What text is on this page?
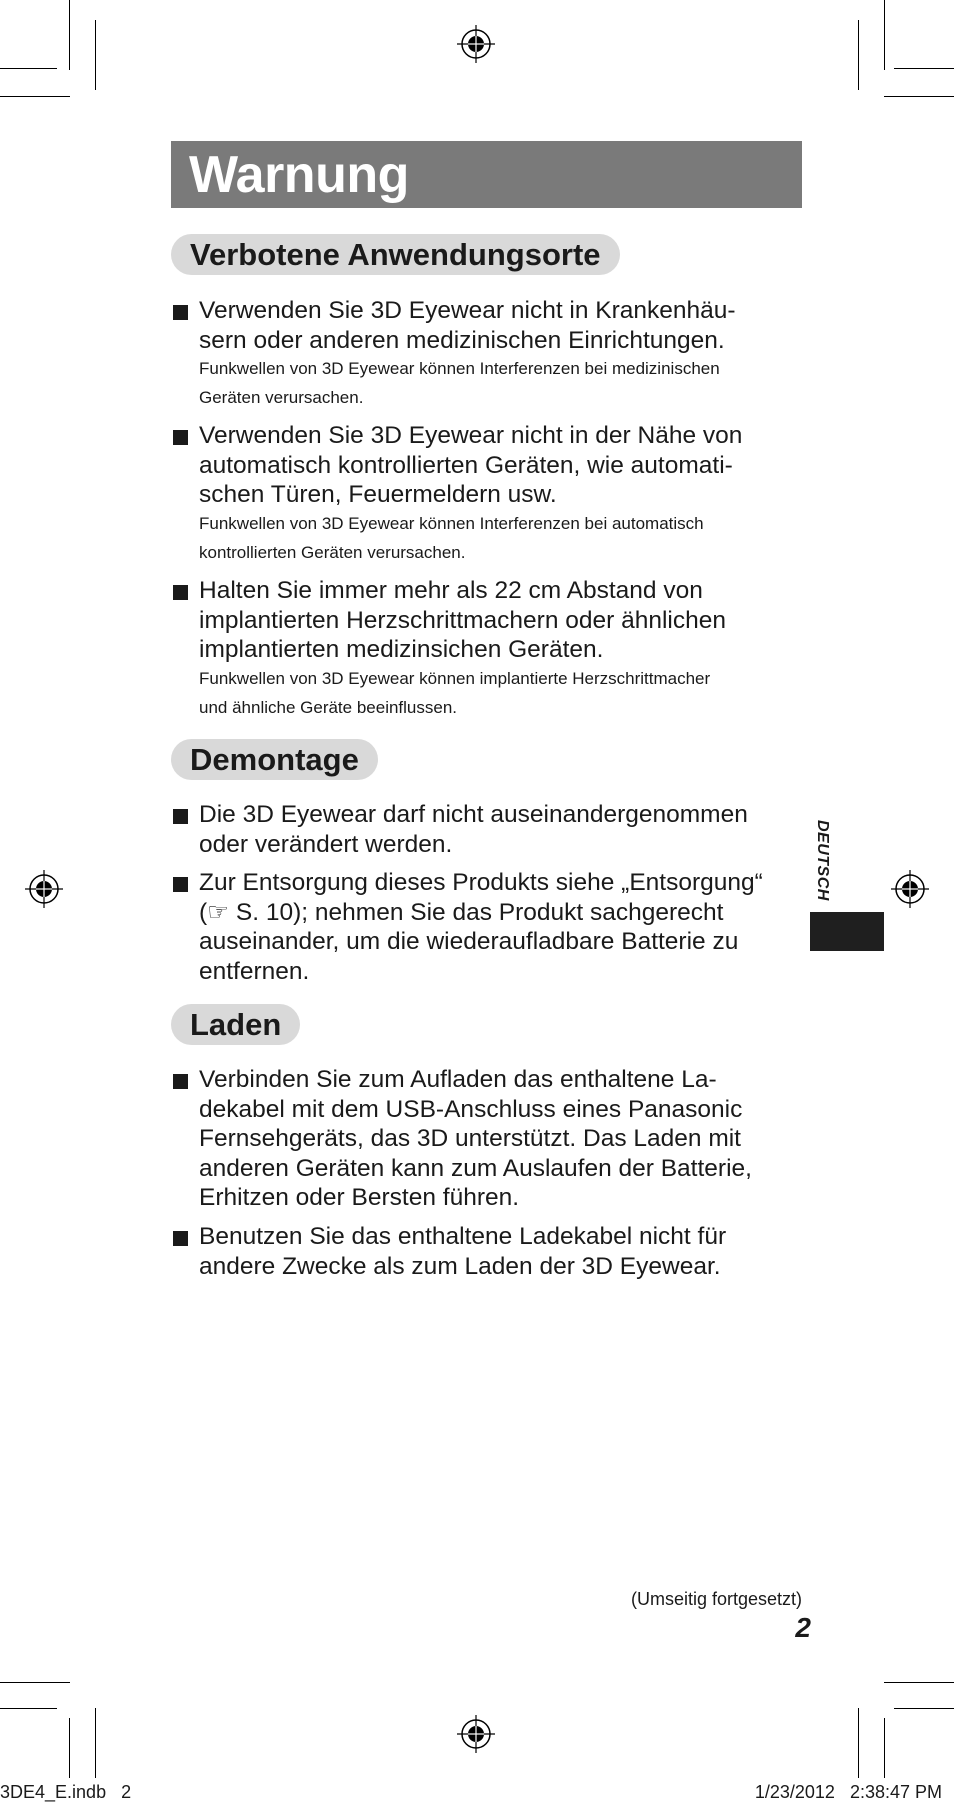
Warnung
Verbotene Anwendungsorte
Verwenden Sie 3D Eyewear nicht in Krankenhäu-
sern oder anderen medizinischen Einrichtungen.
Funkwellen von 3D Eyewear können Interferenzen bei medizinischen
Geräten verursachen.
Verwenden Sie 3D Eyewear nicht in der Nähe von
automatisch kontrollierten Geräten, wie automati-
schen Türen, Feuermeldern usw.
Funkwellen von 3D Eyewear können Interferenzen bei automatisch
kontrollierten Geräten verursachen.
Halten Sie immer mehr als 22 cm Abstand von
implantierten Herzschrittmachern oder ähnlichen
implantierten medizinsichen Geräten.
Funkwellen von 3D Eyewear können implantierte Herzschrittmacher
und ähnliche Geräte beeinflussen.
Demontage
Die 3D Eyewear darf nicht auseinandergenommen
oder verändert werden.
Zur Entsorgung dieses Produkts siehe „Entsorgung“
(☞ S. 10); nehmen Sie das Produkt sachgerecht
auseinander, um die wiederaufladbare Batterie zu
entfernen.
Laden
Verbinden Sie zum Aufladen das enthaltene La-
dekabel mit dem USB-Anschluss eines Panasonic
Fernsehgeräts, das 3D unterstützt. Das Laden mit
anderen Geräten kann zum Auslaufen der Batterie,
Erhitzen oder Bersten führen.
Benutzen Sie das enthaltene Ladekabel nicht für
andere Zwecke als zum Laden der 3D Eyewear.
DEUTSCH
(Umseitig fortgesetzt)
2
3DE4_E.indb   2	1/23/2012   2:38:47 PM
